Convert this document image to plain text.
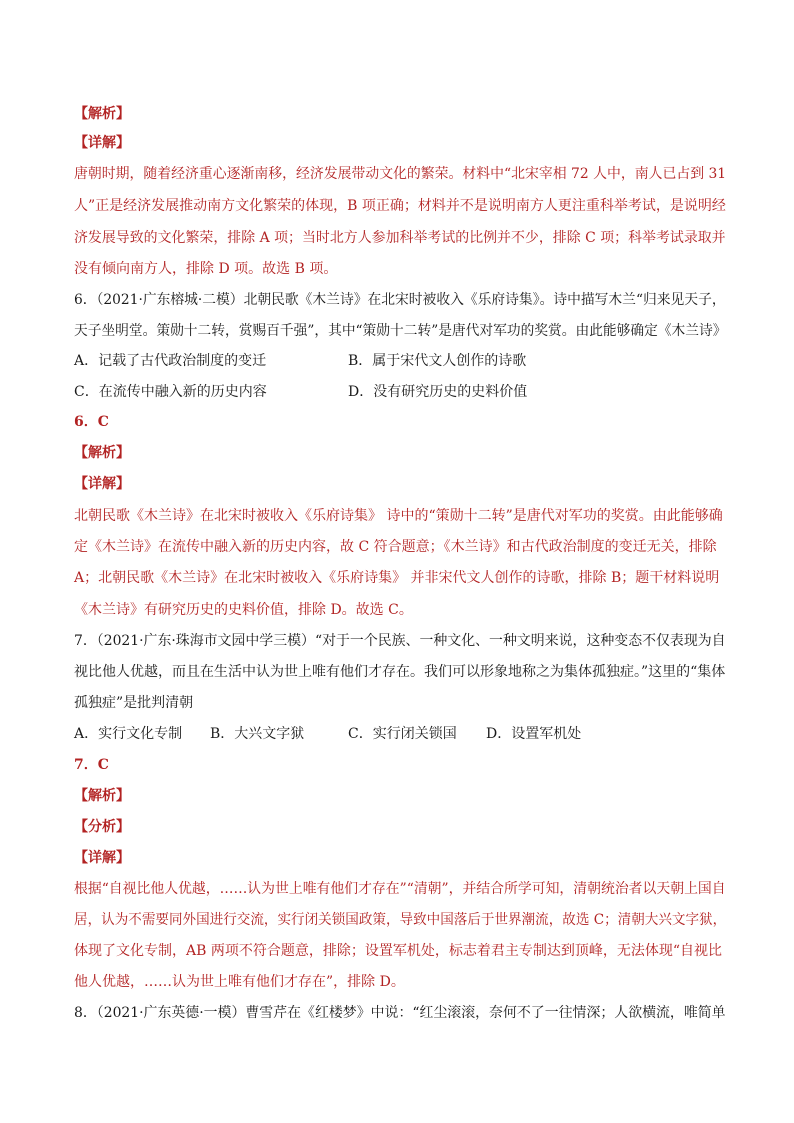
【解析】
【详解】
唐朝时期，随着经济重心逐渐南移，经济发展带动文化的繁荣。材料中“北宋宰相 72 人中，南人已占到 31
人”正是经济发展推动南方文化繁荣的体现，B 项正确；材料并不是说明南方人更注重科举考试，是说明经
济发展导致的文化繁荣，排除 A 项；当时北方人参加科举考试的比例并不少，排除 C 项；科举考试录取并
没有倾向南方人，排除 D 项。故选 B 项。
6．（2021·广东榕城·二模）北朝民歌《木兰诗》在北宋时被收入《乐府诗集》。诗中描写木兰“归来见天子，
天子坐明堂。策勋十二转，赏赐百千强”，其中“策勋十二转”是唐代对军功的奖赏。由此能够确定《木兰诗》
A．记载了古代政治制度的变迁	B．属于宋代文人创作的诗歌
C．在流传中融入新的历史内容	D．没有研究历史的史料价值
6．C
【解析】
【详解】
北朝民歌《木兰诗》在北宋时被收入《乐府诗集》 诗中的“策勋十二转”是唐代对军功的奖赏。由此能够确
定《木兰诗》在流传中融入新的历史内容，故 C 符合题意；《木兰诗》和古代政治制度的变迁无关，排除
A；北朝民歌《木兰诗》在北宋时被收入《乐府诗集》 并非宋代文人创作的诗歌，排除 B；题干材料说明
《木兰诗》有研究历史的史料价值，排除 D。故选 C。
7．（2021·广东·珠海市文园中学三模）“对于一个民族、一种文化、一种文明来说，这种变态不仅表现为自
视比他人优越，而且在生活中认为世上唯有他们才存在。我们可以形象地称之为集体孤独症。”这里的“集体
孤独症”是批判清朝
A．实行文化专制 B．大兴文字狱	C．实行闭关锁国 D．设置军机处
7．C
【解析】
【分析】
【详解】
根据“自视比他人优越，……认为世上唯有他们才存在”“清朝”，并结合所学可知，清朝统治者以天朝上国自
居，认为不需要同外国进行交流，实行闭关锁国政策，导致中国落后于世界潮流，故选 C；清朝大兴文字狱，
体现了文化专制，AB 两项不符合题意，排除；设置军机处，标志着君主专制达到顶峰，无法体现“自视比
他人优越，……认为世上唯有他们才存在”，排除 D。
8．（2021·广东英德·一模）曹雪芹在《红楼梦》中说：“红尘滚滚，奈何不了一往情深；人欲横流，唯简单
